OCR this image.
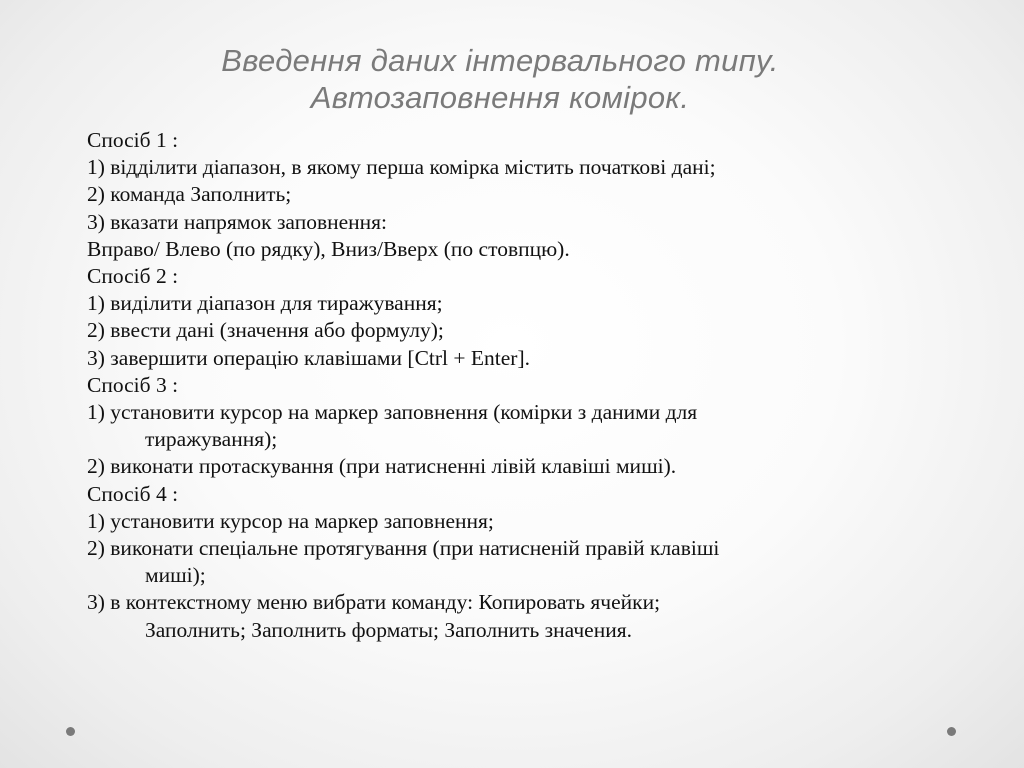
Введення даних інтервального типу.
Автозаповнення комірок.
Спосіб 1 :
1) відділити діапазон, в якому перша комірка містить початкові дані;
2) команда Заполнить;
3) вказати напрямок заповнення:
Вправо/ Влево (по рядку), Вниз/Вверх (по стовпцю).
Спосіб 2 :
1) виділити діапазон для тиражування;
2) ввести дані (значення або формулу);
3) завершити операцію клавішами [Ctrl + Enter].
Спосіб 3 :
1) установити курсор на маркер заповнення (комірки з даними для
тиражування);
2) виконати протаскування (при натисненні лівій клавіші миші).
Спосіб 4 :
1) установити курсор на маркер заповнення;
2) виконати спеціальне протягування (при натисненій правій клавіші
миші);
3) в контекстному меню вибрати команду: Копировать ячейки;
Заполнить; Заполнить форматы; Заполнить значения.
